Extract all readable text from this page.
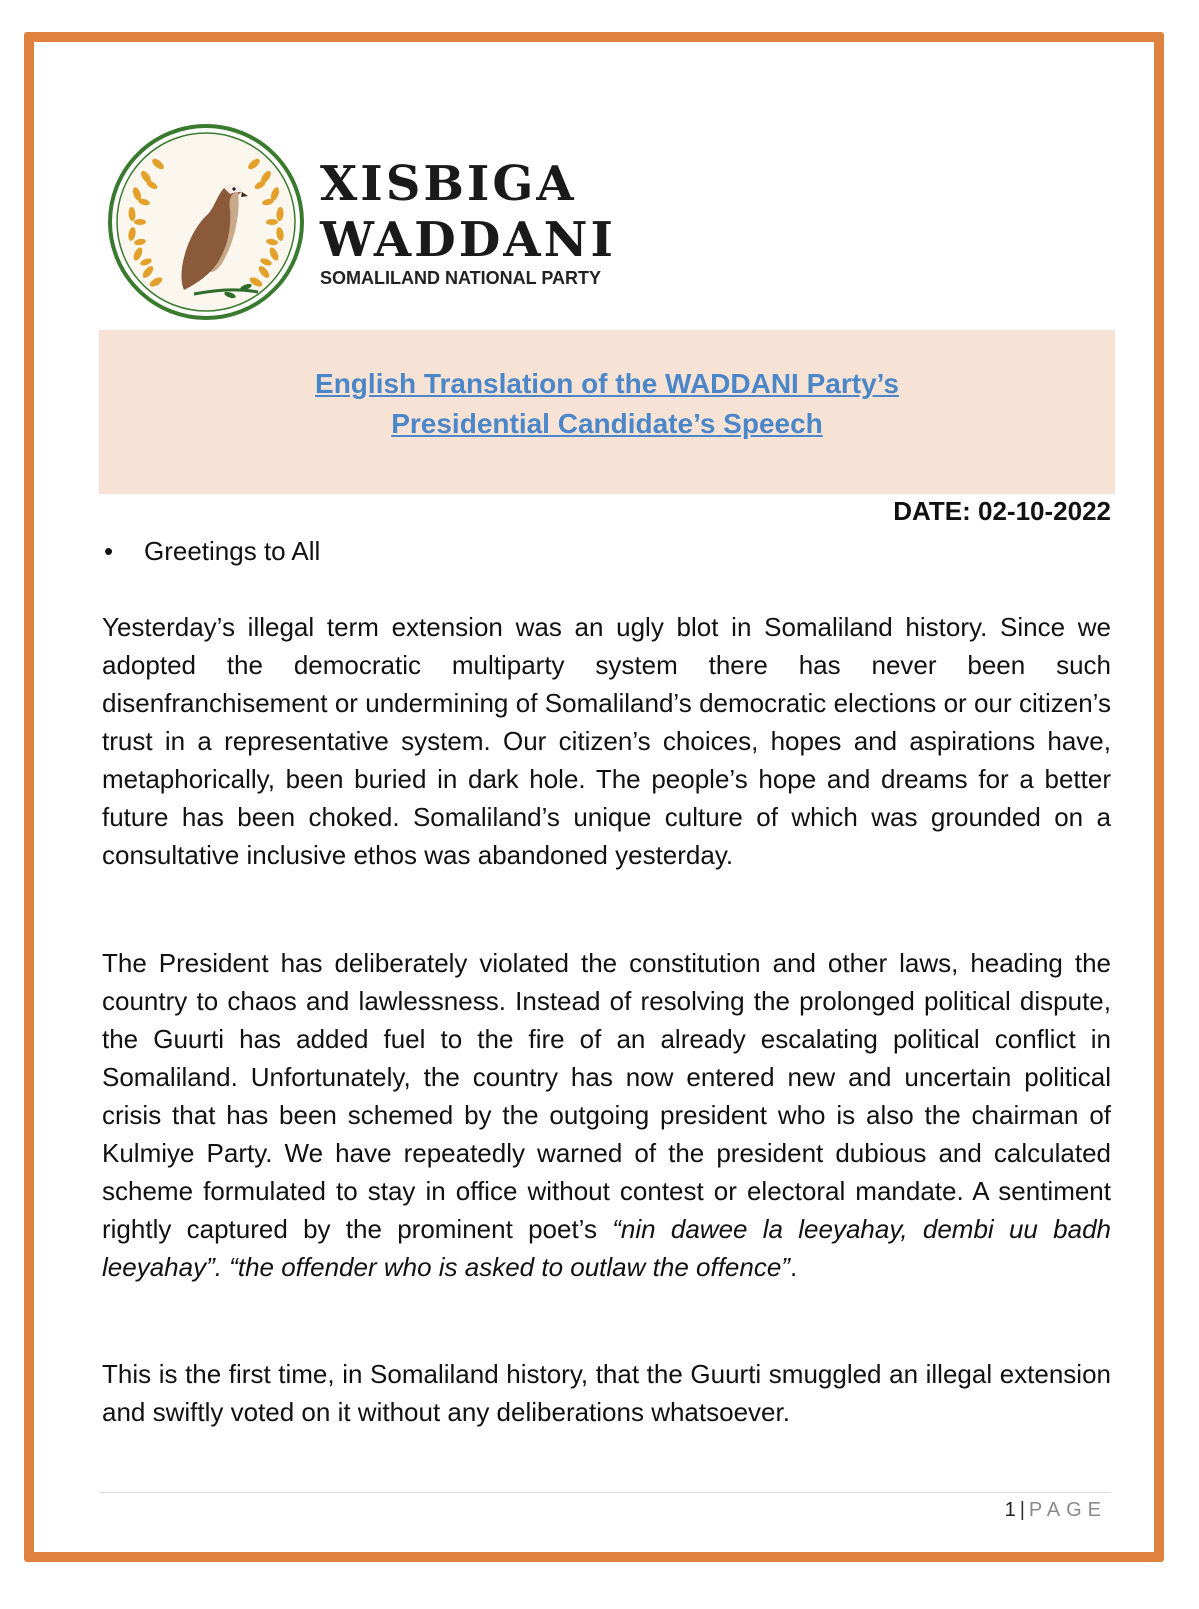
XISBIGA
WADDANI
SOMALILAND NATIONAL PARTY
English Translation of the WADDANI Party’s
Presidential Candidate’s Speech
DATE: 02-10-2022
• Greetings to All

Yesterday’s illegal term extension was an ugly blot in Somaliland history. Since we adopted the democratic multiparty system there has never been such disenfranchisement or undermining of Somaliland’s democratic elections or our citizen’s trust in a representative system. Our citizen’s choices, hopes and aspirations have, metaphorically, been buried in dark hole. The people’s hope and dreams for a better future has been choked. Somaliland’s unique culture of which was grounded on a consultative inclusive ethos was abandoned yesterday.

The President has deliberately violated the constitution and other laws, heading the country to chaos and lawlessness. Instead of resolving the prolonged political dispute, the Guurti has added fuel to the fire of an already escalating political conflict in Somaliland. Unfortunately, the country has now entered new and uncertain political crisis that has been schemed by the outgoing president who is also the chairman of Kulmiye Party. We have repeatedly warned of the president dubious and calculated scheme formulated to stay in office without contest or electoral mandate. A sentiment rightly captured by the prominent poet’s “nin dawee la leeyahay, dembi uu badh leeyahay”. “the offender who is asked to outlaw the offence”.

This is the first time, in Somaliland history, that the Guurti smuggled an illegal extension and swiftly voted on it without any deliberations whatsoever.

1 | PAGE
